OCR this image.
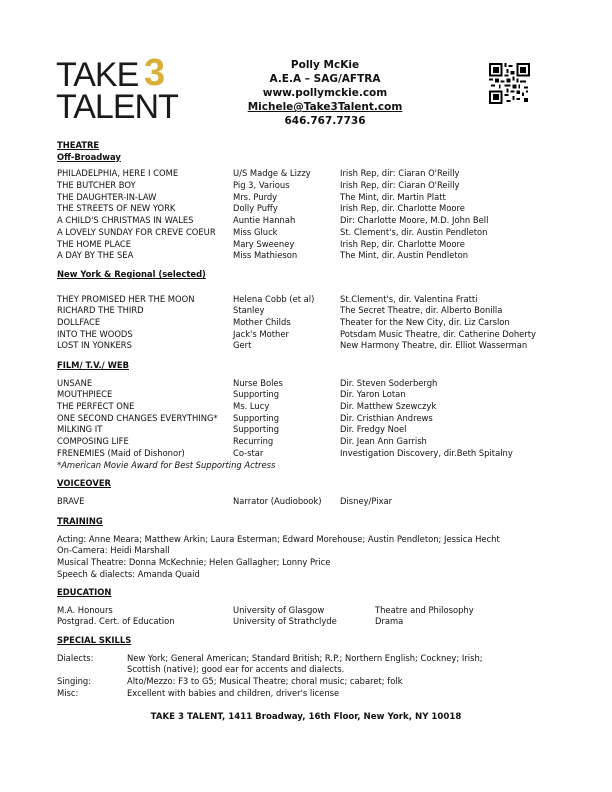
TAKE 3
TALENT
Polly McKie
A.E.A – SAG/AFTRA
www.pollymckie.com
Michele@Take3Talent.com
646.767.7736
THEATRE
Off-Broadway
PHILADELPHIA, HERE I COME	U/S Madge & Lizzy	Irish Rep, dir: Ciaran O'Reilly
THE BUTCHER BOY	Pig 3, Various	Irish Rep, dir: Ciaran O'Reilly
THE DAUGHTER-IN-LAW	Mrs. Purdy	The Mint, dir. Martin Platt
THE STREETS OF NEW YORK	Dolly Puffy	Irish Rep, dir. Charlotte Moore
A CHILD'S CHRISTMAS IN WALES	Auntie Hannah	Dir: Charlotte Moore, M.D. John Bell
A LOVELY SUNDAY FOR CREVE COEUR Miss Gluck	St. Clement's, dir. Austin Pendleton
THE HOME PLACE	Mary Sweeney	Irish Rep, dir. Charlotte Moore
A DAY BY THE SEA	Miss Mathieson	The Mint, dir. Austin Pendleton
New York & Regional (selected)
THEY PROMISED HER THE MOON	Helena Cobb (et al)	St.Clement's, dir. Valentina Fratti
RICHARD THE THIRD	Stanley	The Secret Theatre, dir. Alberto Bonilla
DOLLFACE	Mother Childs	Theater for the New City, dir. Liz Carslon
INTO THE WOODS	Jack's Mother	Potsdam Music Theatre, dir. Catherine Doherty
LOST IN YONKERS	Gert	New Harmony Theatre, dir. Elliot Wasserman
FILM/ T.V./ WEB
UNSANE	Nurse Boles	Dir. Steven Soderbergh
MOUTHPIECE	Supporting	Dir. Yaron Lotan
THE PERFECT ONE	Ms. Lucy	Dir. Matthew Szewczyk
ONE SECOND CHANGES EVERYTHING* Supporting	Dir. Cristhian Andrews
MILKING IT	Supporting	Dir. Fredgy Noel
COMPOSING LIFE	Recurring	Dir. Jean Ann Garrish
FRENEMIES (Maid of Dishonor)	Co-star	Investigation Discovery, dir.Beth Spitalny
*American Movie Award for Best Supporting Actress
VOICEOVER
BRAVE	Narrator (Audiobook) Disney/Pixar
TRAINING
Acting: Anne Meara; Matthew Arkin; Laura Esterman; Edward Morehouse; Austin Pendleton; Jessica Hecht
On-Camera: Heidi Marshall
Musical Theatre: Donna McKechnie; Helen Gallagher; Lonny Price
Speech & dialects: Amanda Quaid
EDUCATION
M.A. Honours	University of Glasgow	Theatre and Philosophy
Postgrad. Cert. of Education	University of Strathclyde	Drama
SPECIAL SKILLS
Dialects:	New York; General American; Standard British; R.P.; Northern English; Cockney; Irish;
Scottish (native); good ear for accents and dialects.
Singing:	Alto/Mezzo: F3 to G5; Musical Theatre; choral music; cabaret; folk
Misc:	Excellent with babies and children, driver's license
TAKE 3 TALENT, 1411 Broadway, 16th Floor, New York, NY 10018
